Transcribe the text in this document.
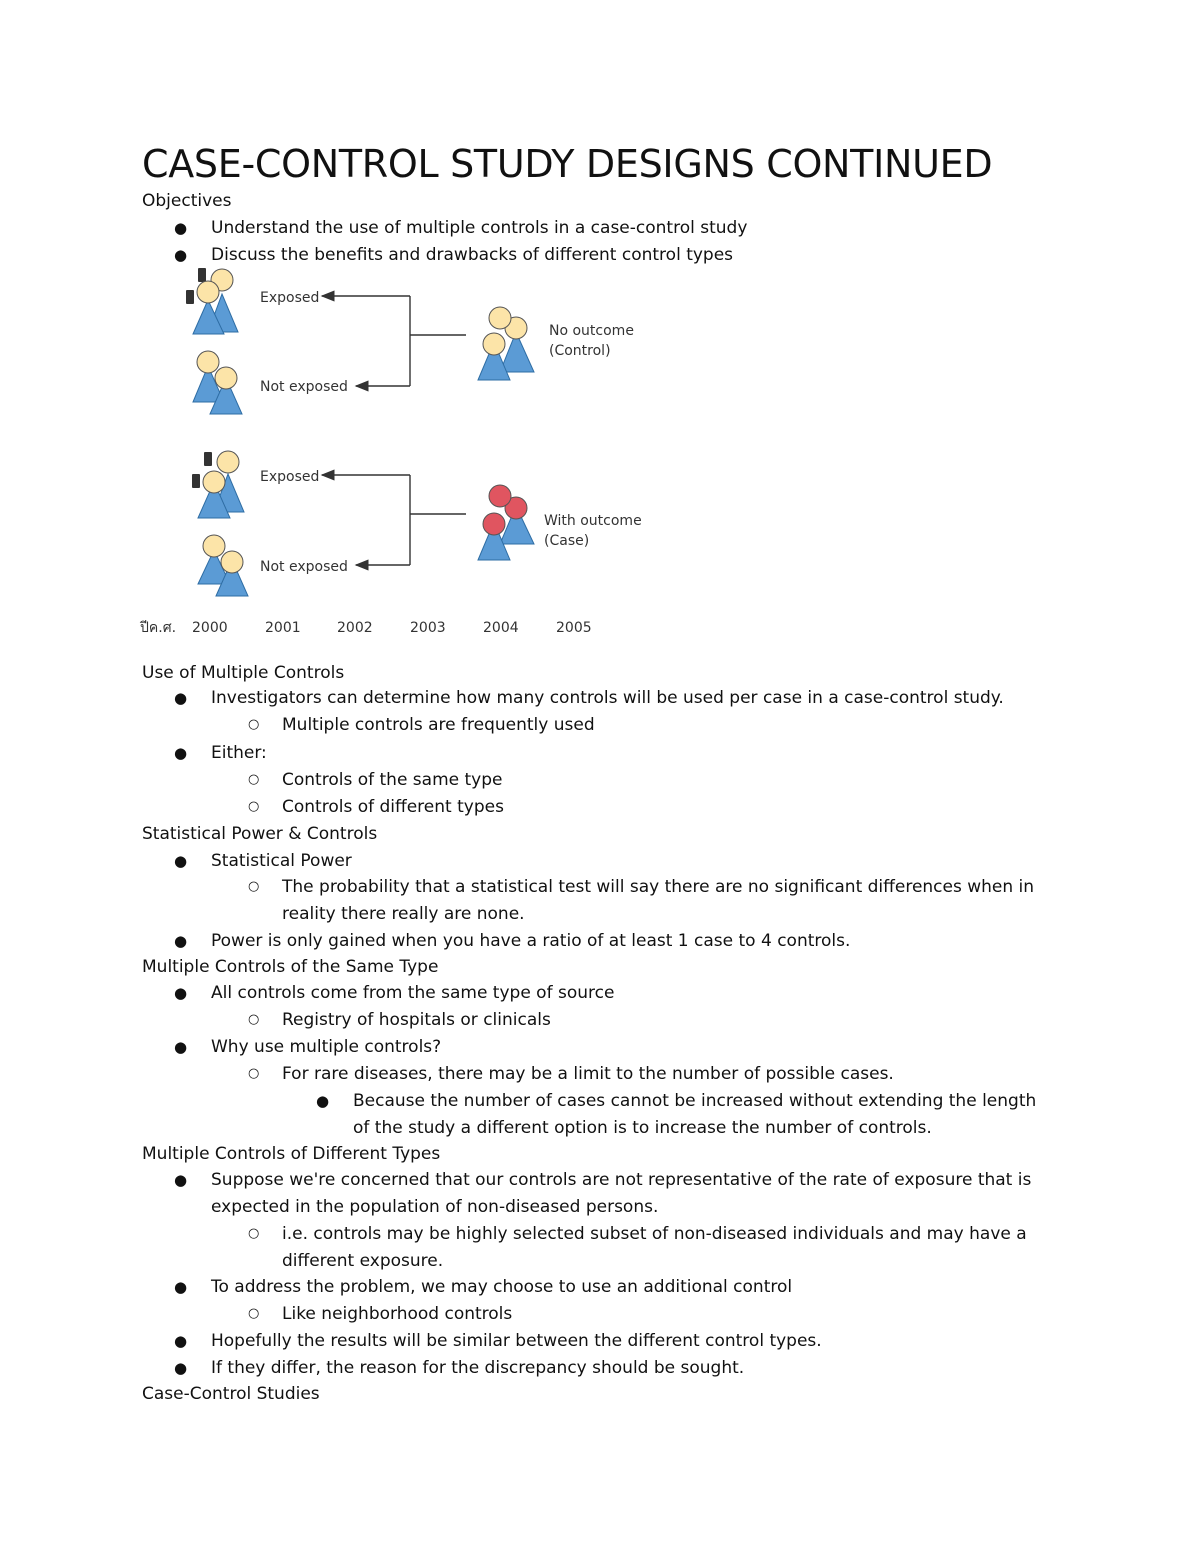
CASE-CONTROL STUDY DESIGNS CONTINUED
Objectives
● Understand the use of multiple controls in a case-control study
● Discuss the benefits and drawbacks of different control types
Exposed
Not exposed
No outcome
(Control)
Exposed
Not exposed
With outcome
(Case)
ปีค.ศ. 2000	2001	2002	2003	2004	2005
Use of Multiple Controls
● Investigators can determine how many controls will be used per case in a case-control study.
○ Multiple controls are frequently used
● Either:
○ Controls of the same type
○ Controls of different types
Statistical Power & Controls
● Statistical Power
○ The probability that a statistical test will say there are no significant differences when in
reality there really are none.
● Power is only gained when you have a ratio of at least 1 case to 4 controls.
Multiple Controls of the Same Type
● All controls come from the same type of source
○ Registry of hospitals or clinicals
● Why use multiple controls?
○ For rare diseases, there may be a limit to the number of possible cases.
● Because the number of cases cannot be increased without extending the length
of the study a different option is to increase the number of controls.
Multiple Controls of Different Types
● Suppose we're concerned that our controls are not representative of the rate of exposure that is
expected in the population of non-diseased persons.
○ i.e. controls may be highly selected subset of non-diseased individuals and may have a
different exposure.
● To address the problem, we may choose to use an additional control
○ Like neighborhood controls
● Hopefully the results will be similar between the different control types.
● If they differ, the reason for the discrepancy should be sought.
Case-Control Studies
